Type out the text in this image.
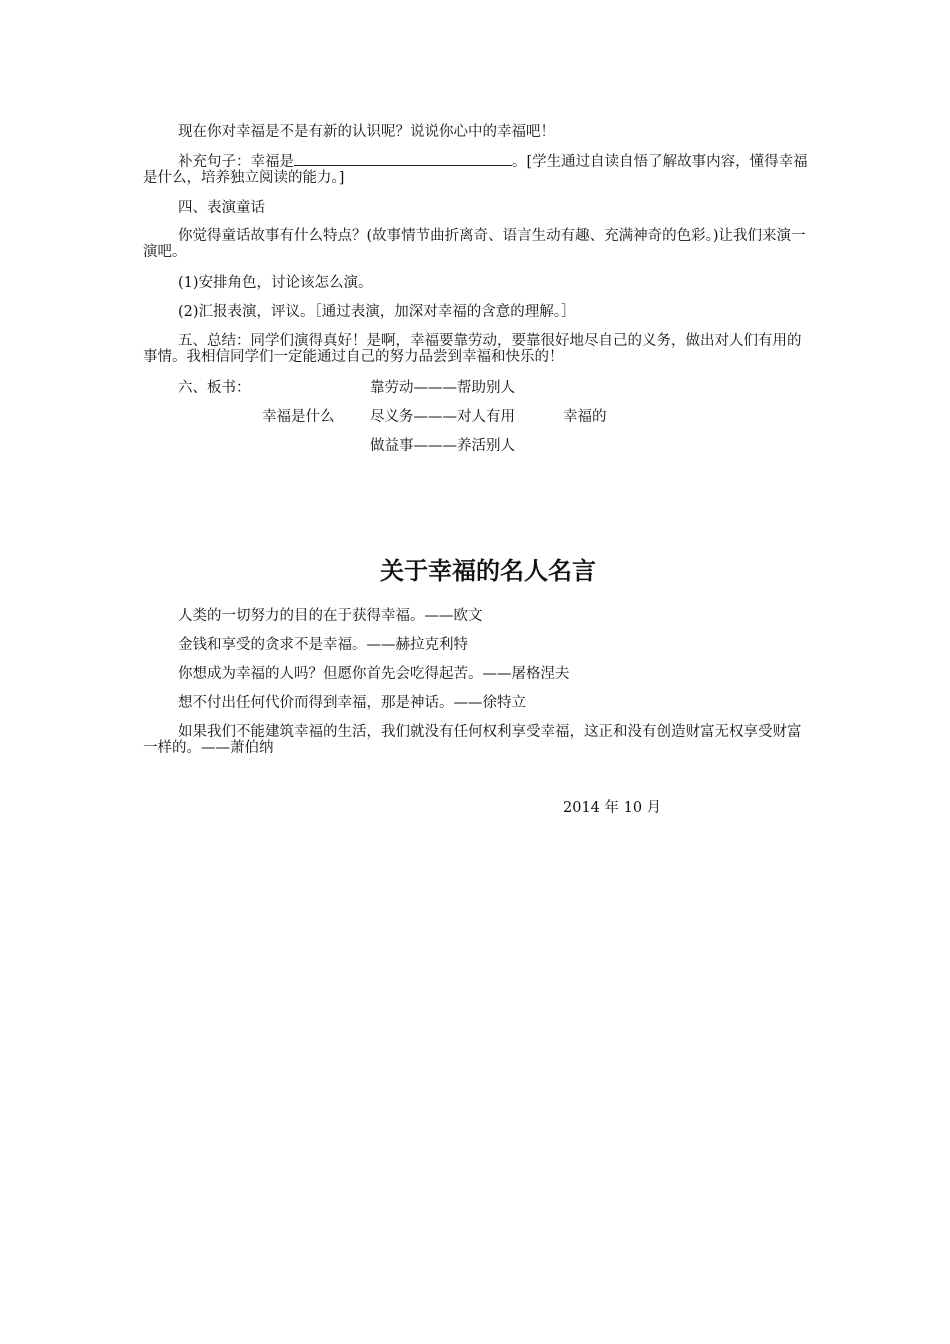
现在你对幸福是不是有新的认识呢？说说你心中的幸福吧！
补充句子：幸福是	。[学生通过自读自悟了解故事内容，懂得幸福是什么，培养独立阅读的能力。]
四、表演童话
你觉得童话故事有什么特点？(故事情节曲折离奇、语言生动有趣、充满神奇的色彩。)让我们来演一演吧。
(1)安排角色，讨论该怎么演。
(2)汇报表演，评议。［通过表演，加深对幸福的含意的理解。］
五、总结：同学们演得真好！是啊，幸福要靠劳动，要靠很好地尽自己的义务，做出对人们有用的事情。我相信同学们一定能通过自己的努力品尝到幸福和快乐的！
六、板书：	靠劳动———帮助别人
幸福是什么 尽义务———对人有用	幸福的
做益事———养活别人
关于幸福的名人名言
人类的一切努力的目的在于获得幸福。——欧文
金钱和享受的贪求不是幸福。——赫拉克利特
你想成为幸福的人吗？但愿你首先会吃得起苦。——屠格涅夫
想不付出任何代价而得到幸福，那是神话。——徐特立
如果我们不能建筑幸福的生活，我们就没有任何权利享受幸福，这正和没有创造财富无权享受财富一样的。——萧伯纳
2014 年 10 月
